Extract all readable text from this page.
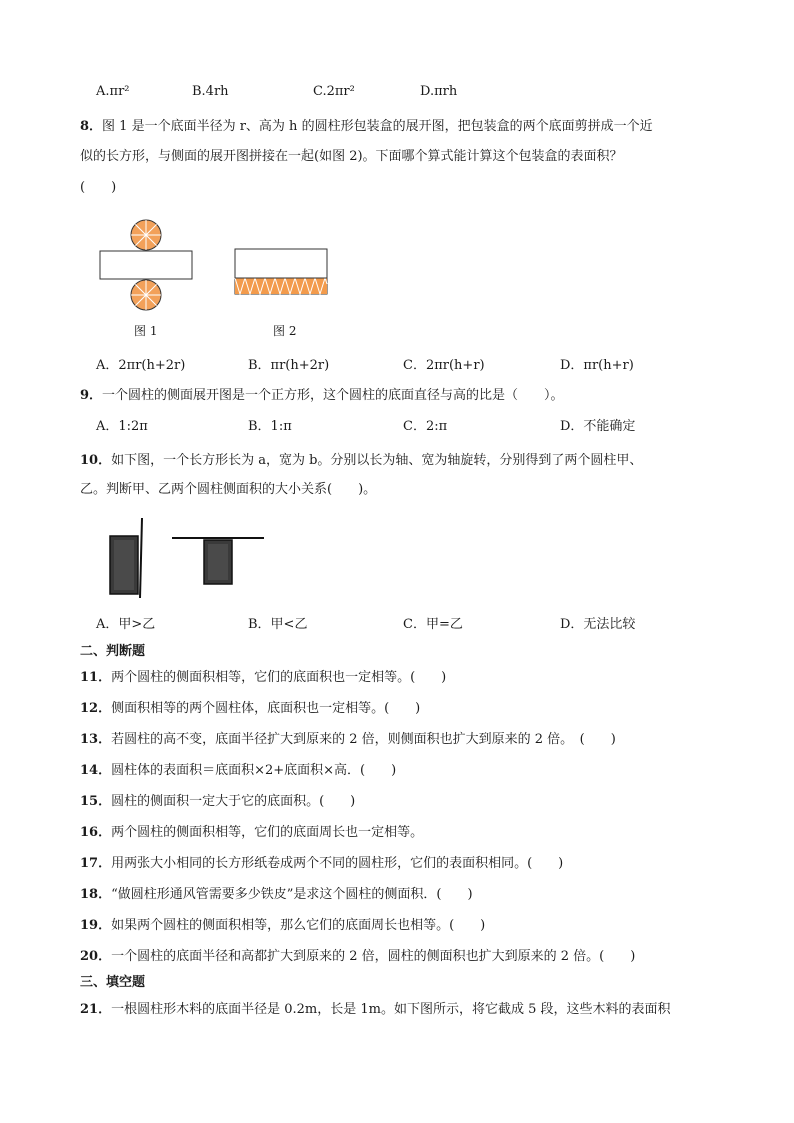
A.πr²	B.4rh	C.2πr²	D.πrh
8．图 1 是一个底面半径为 r、高为 h 的圆柱形包装盒的展开图，把包装盒的两个底面剪拼成一个近
似的长方形，与侧面的展开图拼接在一起(如图 2)。下面哪个算式能计算这个包装盒的表面积？
(　　)
图 1	图 2
A．2πr(h+2r)	B．πr(h+2r)	C．2πr(h+r)	D．πr(h+r)
9．一个圆柱的侧面展开图是一个正方形，这个圆柱的底面直径与高的比是（　　）。
A．1:2π	B．1:π	C．2:π	D．不能确定
10．如下图，一个长方形长为 a，宽为 b。分别以长为轴、宽为轴旋转，分别得到了两个圆柱甲、
乙。判断甲、乙两个圆柱侧面积的大小关系(　　)。
A．甲>乙	B．甲<乙	C．甲=乙	D．无法比较
二、判断题
11．两个圆柱的侧面积相等，它们的底面积也一定相等。(　　)
12．侧面积相等的两个圆柱体，底面积也一定相等。(　　)
13．若圆柱的高不变，底面半径扩大到原来的 2 倍，则侧面积也扩大到原来的 2 倍。　(　　)
14．圆柱体的表面积＝底面积×2+底面积×高．(　　)
15．圆柱的侧面积一定大于它的底面积。(　　)
16．两个圆柱的侧面积相等，它们的底面周长也一定相等。
17．用两张大小相同的长方形纸卷成两个不同的圆柱形，它们的表面积相同。(　　)
18．“做圆柱形通风管需要多少铁皮”是求这个圆柱的侧面积．(　　)
19．如果两个圆柱的侧面积相等，那么它们的底面周长也相等。(　　)
20．一个圆柱的底面半径和高都扩大到原来的 2 倍，圆柱的侧面积也扩大到原来的 2 倍。(　　)
三、填空题
21．一根圆柱形木料的底面半径是 0.2m，长是 1m。如下图所示，将它截成 5 段，这些木料的表面积
